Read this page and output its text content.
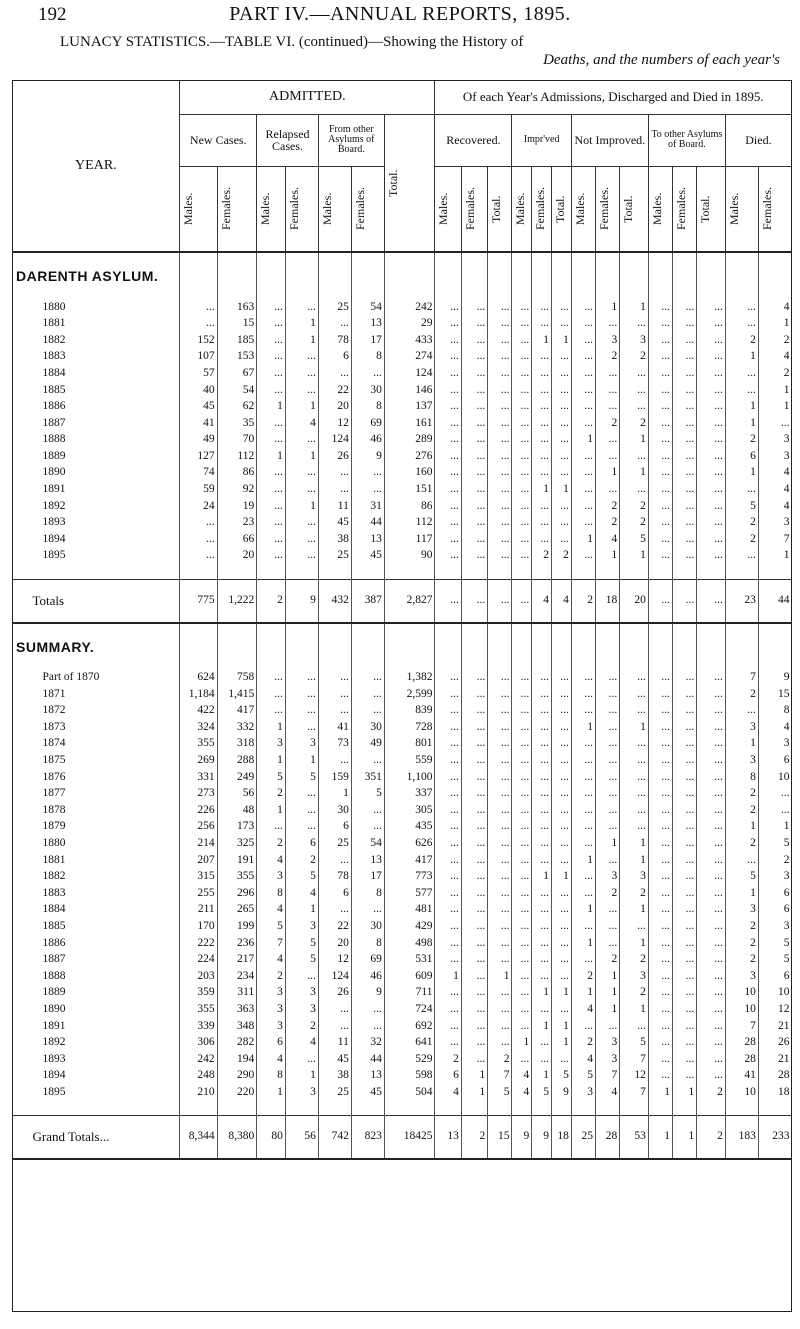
192	PART IV.—ANNUAL REPORTS, 1895.
LUNACY STATISTICS.—TABLE VI. (continued)—Showing the History of
Deaths, and the numbers of each year's
YEAR.	ADMITTED.							Of each Year's Admissions, Discharged and Died in 1895.													
	New Cases.		Relapsed Cases.		From other Asylums of Board.		Total.	Recovered.			Impr'ved			Not Improved.			To other Asylums of Board.			Died.	

	Males.	Females.	Males.	Females.	Males.	Females.		Males.	Females.	Total.	Males.	Females.	Total.	Males.	Females.	Total.	Males.	Females.	Total.	Males.	Females.

DARENTH ASYLUM.																					
1880	...	163	...	...	25	54	242	...	...	...	...	...	...	...	1	1	...	...	...	...	4
1881	...	15	...	1	...	13	29	...	...	...	...	...	...	...	...	...	...	...	...	...	1
1882	152	185	...	1	78	17	433	...	...	...	...	1	1	...	3	3	...	...	...	2	2
1883	107	153	...	...	6	8	274	...	...	...	...	...	...	...	2	2	...	...	...	1	4
1884	57	67	...	...	...	...	124	...	...	...	...	...	...	...	...	...	...	...	...	...	2
1885	40	54	...	...	22	30	146	...	...	...	...	...	...	...	...	...	...	...	...	...	1
1886	45	62	1	1	20	8	137	...	...	...	...	...	...	...	...	...	...	...	...	1	1
1887	41	35	...	4	12	69	161	...	...	...	...	...	...	...	2	2	...	...	...	1	...
1888	49	70	...	...	124	46	289	...	...	...	...	...	...	1	...	1	...	...	...	2	3
1889	127	112	1	1	26	9	276	...	...	...	...	...	...	...	...	...	...	...	...	6	3
1890	74	86	...	...	...	...	160	...	...	...	...	...	...	...	1	1	...	...	...	1	4
1891	59	92	...	...	...	...	151	...	...	...	...	1	1	...	...	...	...	...	...	...	4
1892	24	19	...	1	11	31	86	...	...	...	...	...	...	...	2	2	...	...	...	5	4
1893	...	23	...	...	45	44	112	...	...	...	...	...	...	...	2	2	...	...	...	2	3
1894	...	66	...	...	38	13	117	...	...	...	...	...	...	1	4	5	...	...	...	2	7
1895	...	20	...	...	25	45	90	...	...	...	...	2	2	...	1	1	...	...	...	...	1

Totals	775	1,222	2	9	432	387	2,827	...	...	...	...	4	4	2	18	20	...	...	...	23	44
SUMMARY.																					
Part of 1870	624	758	...	...	...	...	1,382	...	...	...	...	...	...	...	...	...	...	...	...	7	9
1871	1,184	1,415	...	...	...	...	2,599	...	...	...	...	...	...	...	...	...	...	...	...	2	15
1872	422	417	...	...	...	...	839	...	...	...	...	...	...	...	...	...	...	...	...	...	8
1873	324	332	1	...	41	30	728	...	...	...	...	...	...	1	...	1	...	...	...	3	4
1874	355	318	3	3	73	49	801	...	...	...	...	...	...	...	...	...	...	...	...	1	3
1875	269	288	1	1	...	...	559	...	...	...	...	...	...	...	...	...	...	...	...	3	6
1876	331	249	5	5	159	351	1,100	...	...	...	...	...	...	...	...	...	...	...	...	8	10
1877	273	56	2	...	1	5	337	...	...	...	...	...	...	...	...	...	...	...	...	2	...
1878	226	48	1	...	30	...	305	...	...	...	...	...	...	...	...	...	...	...	...	2	...
1879	256	173	...	...	6	...	435	...	...	...	...	...	...	...	...	...	...	...	...	1	1
1880	214	325	2	6	25	54	626	...	...	...	...	...	...	...	1	1	...	...	...	2	5
1881	207	191	4	2	...	13	417	...	...	...	...	...	...	1	...	1	...	...	...	...	2
1882	315	355	3	5	78	17	773	...	...	...	...	1	1	...	3	3	...	...	...	5	3
1883	255	296	8	4	6	8	577	...	...	...	...	...	...	...	2	2	...	...	...	1	6
1884	211	265	4	1	...	...	481	...	...	...	...	...	...	1	...	1	...	...	...	3	6
1885	170	199	5	3	22	30	429	...	...	...	...	...	...	...	...	...	...	...	...	2	3
1886	222	236	7	5	20	8	498	...	...	...	...	...	...	1	...	1	...	...	...	2	5
1887	224	217	4	5	12	69	531	...	...	...	...	...	...	...	2	2	...	...	...	2	5
1888	203	234	2	...	124	46	609	1	...	1	...	...	...	2	1	3	...	...	...	3	6
1889	359	311	3	3	26	9	711	...	...	...	...	1	1	1	1	2	...	...	...	10	10
1890	355	363	3	3	...	...	724	...	...	...	...	...	...	4	1	1	...	...	...	10	12
1891	339	348	3	2	...	...	692	...	...	...	...	1	1	...	...	...	...	...	...	7	21
1892	306	282	6	4	11	32	641	...	...	...	1	...	1	2	3	5	...	...	...	28	26
1893	242	194	4	...	45	44	529	2	...	2	...	...	...	4	3	7	...	...	...	28	21
1894	248	290	8	1	38	13	598	6	1	7	4	1	5	5	7	12	...	...	...	41	28
1895	210	220	1	3	25	45	504	4	1	5	4	5	9	3	4	7	1	1	2	10	18

Grand Totals...	8,344	8,380	80	56	742	823	18425	13	2	15	9	9	18	25	28	53	1	1	2	183	233
